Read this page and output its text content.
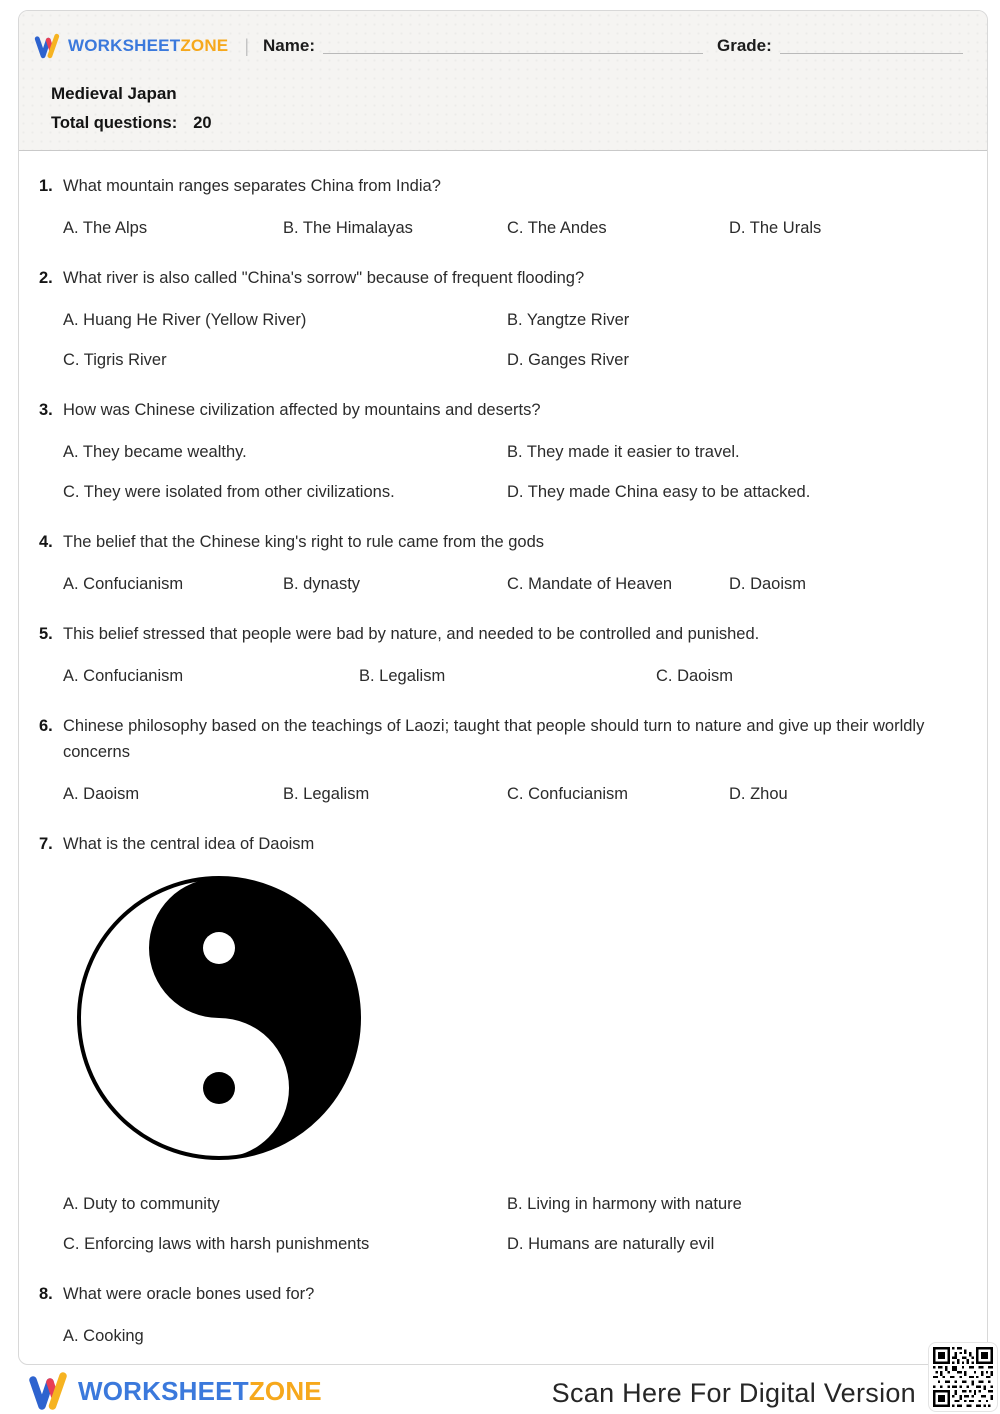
WORKSHEETZONE | Name:	Grade:
Medieval Japan
Total questions: 20
1. What mountain ranges separates China from India?
A. The Alps	B. The Himalayas	C. The Andes	D. The Urals
2. What river is also called "China's sorrow" because of frequent flooding?
A. Huang He River (Yellow River)	B. Yangtze River
C. Tigris River	D. Ganges River
3. How was Chinese civilization affected by mountains and deserts?
A. They became wealthy.	B. They made it easier to travel.
C. They were isolated from other civilizations.	D. They made China easy to be attacked.
4. The belief that the Chinese king's right to rule came from the gods
A. Confucianism	B. dynasty	C. Mandate of Heaven	D. Daoism
5. This belief stressed that people were bad by nature, and needed to be controlled and punished.
A. Confucianism	B. Legalism	C. Daoism
6. Chinese philosophy based on the teachings of Laozi; taught that people should turn to nature and give up their worldly concerns
A. Daoism	B. Legalism	C. Confucianism	D. Zhou
7. What is the central idea of Daoism
A. Duty to community	B. Living in harmony with nature
C. Enforcing laws with harsh punishments	D. Humans are naturally evil
8. What were oracle bones used for?
A. Cooking
WORKSHEETZONE	Scan Here For Digital Version
